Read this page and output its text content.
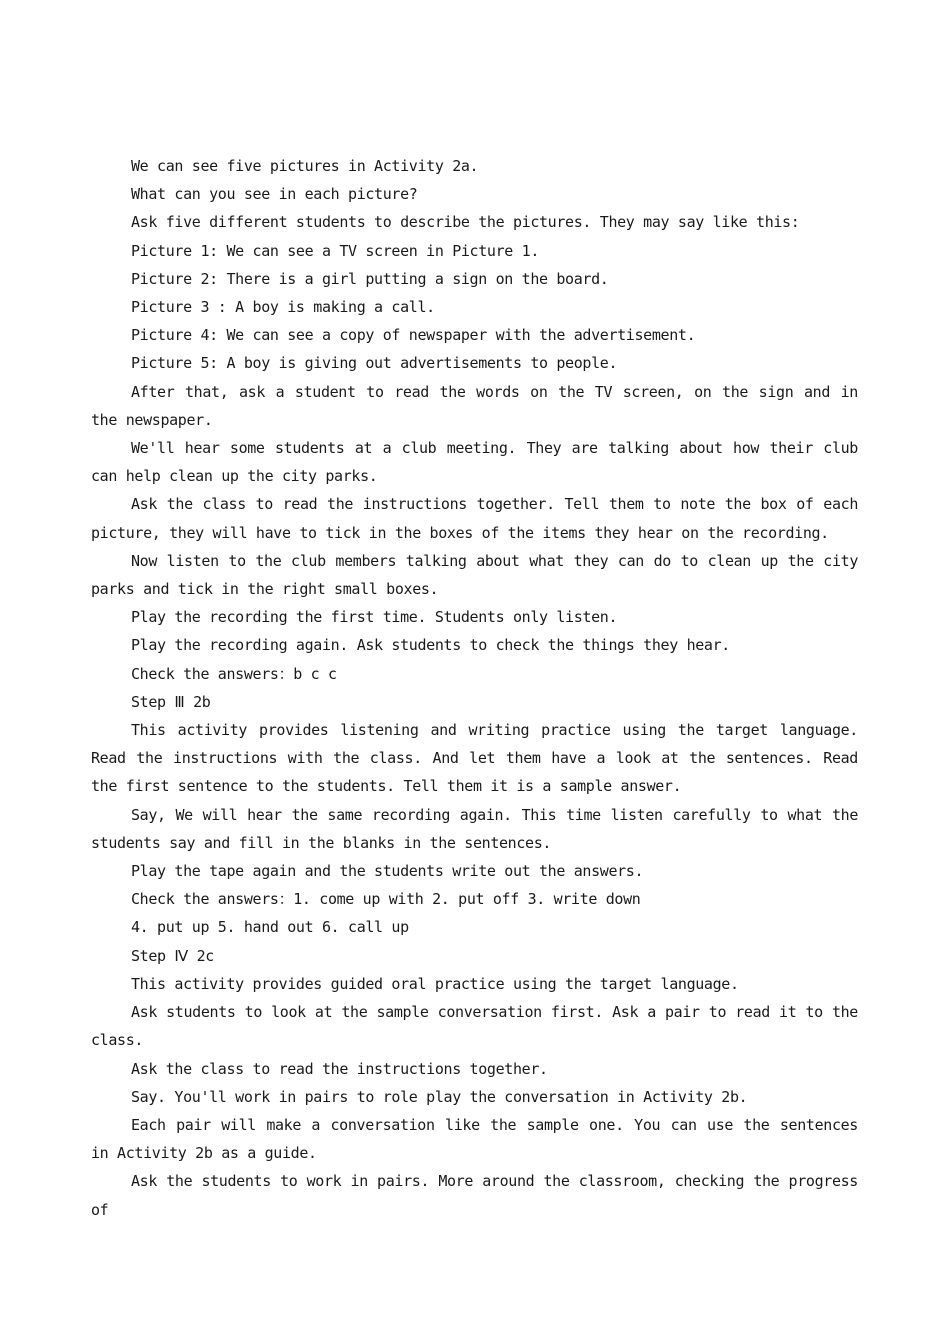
We can see five pictures in Activity 2a.

What can you see in each picture?

Ask five different students to describe the pictures. They may say like this:

Picture 1: We can see a TV screen in Picture 1.

Picture 2: There is a girl putting a sign on the board.

Picture 3 : A boy is making a call.

Picture 4: We can see a copy of newspaper with the advertisement.

Picture 5: A boy is giving out advertisements to people.

After that, ask a student to read the words on the TV screen, on the sign and in the newspaper.

We'll hear some students at a club meeting. They are talking about how their club can help clean up the city parks.

Ask the class to read the instructions together. Tell them to note the box of each picture, they will have to tick in the boxes of the items they hear on the recording.

Now listen to the club members talking about what they can do to clean up the city parks and tick in the right small boxes.

Play the recording the first time. Students only listen.

Play the recording again. Ask students to check the things they hear.

Check the answers：b c c

Step Ⅲ 2b

This activity provides listening and writing practice using the target language. Read the instructions with the class. And let them have a look at the sentences. Read the first sentence to the students. Tell them it is a sample answer.

Say, We will hear the same recording again. This time listen carefully to what the students say and fill in the blanks in the sentences.

Play the tape again and the students write out the answers.

Check the answers：1. come up with 2. put off 3. write down

4. put up 5. hand out 6. call up

Step Ⅳ 2c

This activity provides guided oral practice using the target language.

Ask students to look at the sample conversation first. Ask a pair to read it to the class.

Ask the class to read the instructions together.

Say. You'll work in pairs to role play the conversation in Activity 2b.

Each pair will make a conversation like the sample one. You can use the sentences in Activity 2b as a guide.

Ask the students to work in pairs. More around the classroom, checking the progress of
